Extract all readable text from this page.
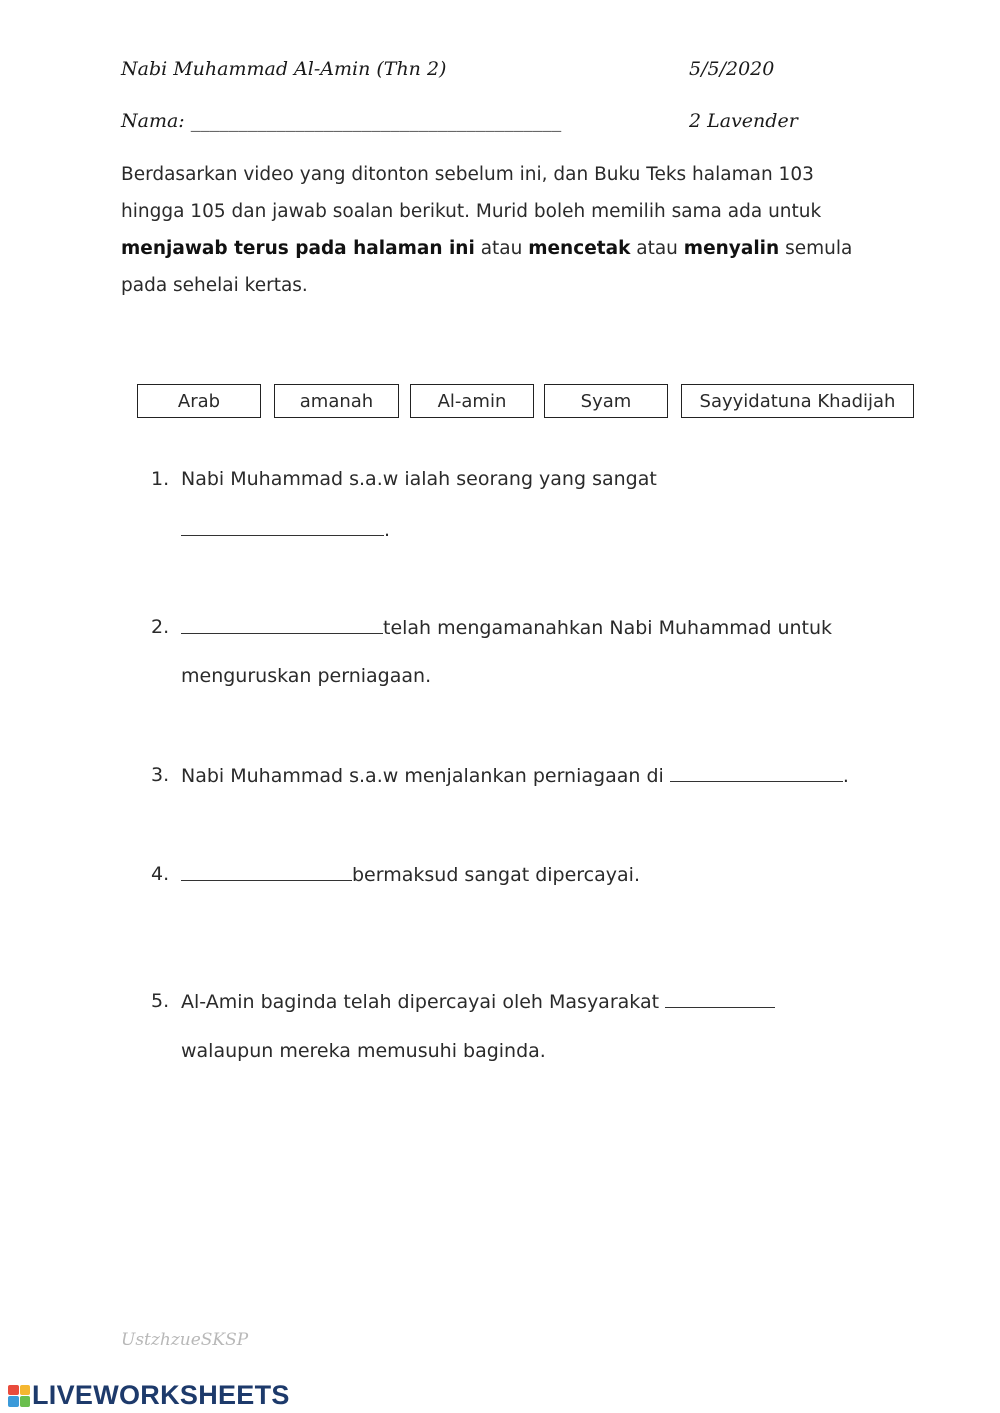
Nabi Muhammad Al-Amin (Thn 2)	5/5/2020
Nama: _______________________________________	2 Lavender
Berdasarkan video yang ditonton sebelum ini, dan Buku Teks halaman 103 hingga 105 dan jawab soalan berikut. Murid boleh memilih sama ada untuk menjawab terus pada halaman ini atau mencetak atau menyalin semula pada sehelai kertas.
Arab	amanah	Al-amin	Syam	Sayyidatuna Khadijah
1. Nabi Muhammad s.a.w ialah seorang yang sangat
.
2.	telah mengamanahkan Nabi Muhammad untuk
menguruskan perniagaan.
3. Nabi Muhammad s.a.w menjalankan perniagaan di	.
4.	bermaksud sangat dipercayai.
5. Al-Amin baginda telah dipercayai oleh Masyarakat
walaupun mereka memusuhi baginda.
UstzhzueSKSP
LIVEWORKSHEETS
